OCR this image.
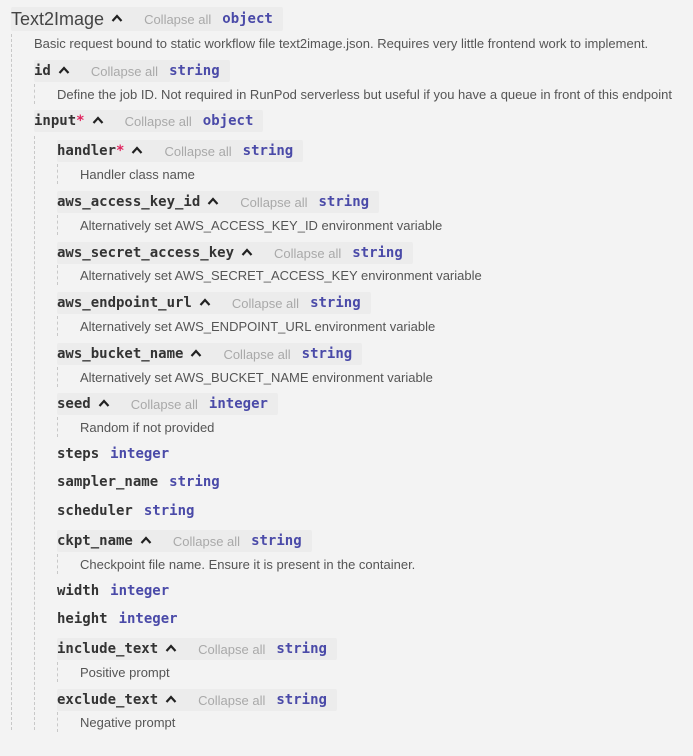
Text2Image	Collapse all object
Basic request bound to static workflow file text2image.json. Requires very little frontend work to implement.
id	Collapse all string
Define the job ID. Not required in RunPod serverless but useful if you have a queue in front of this endpoint
input *	Collapse all object
handler *	Collapse all string
Handler class name
aws_access_key_id	Collapse all string
Alternatively set AWS_ACCESS_KEY_ID environment variable
aws_secret_access_key	Collapse all string
Alternatively set AWS_SECRET_ACCESS_KEY environment variable
aws_endpoint_url	Collapse all string
Alternatively set AWS_ENDPOINT_URL environment variable
aws_bucket_name	Collapse all string
Alternatively set AWS_BUCKET_NAME environment variable
seed	Collapse all integer
Random if not provided
steps integer
sampler_name string
scheduler string
ckpt_name	Collapse all string
Checkpoint file name. Ensure it is present in the container.
width integer
height integer
include_text	Collapse all string
Positive prompt
exclude_text	Collapse all string
Negative prompt
